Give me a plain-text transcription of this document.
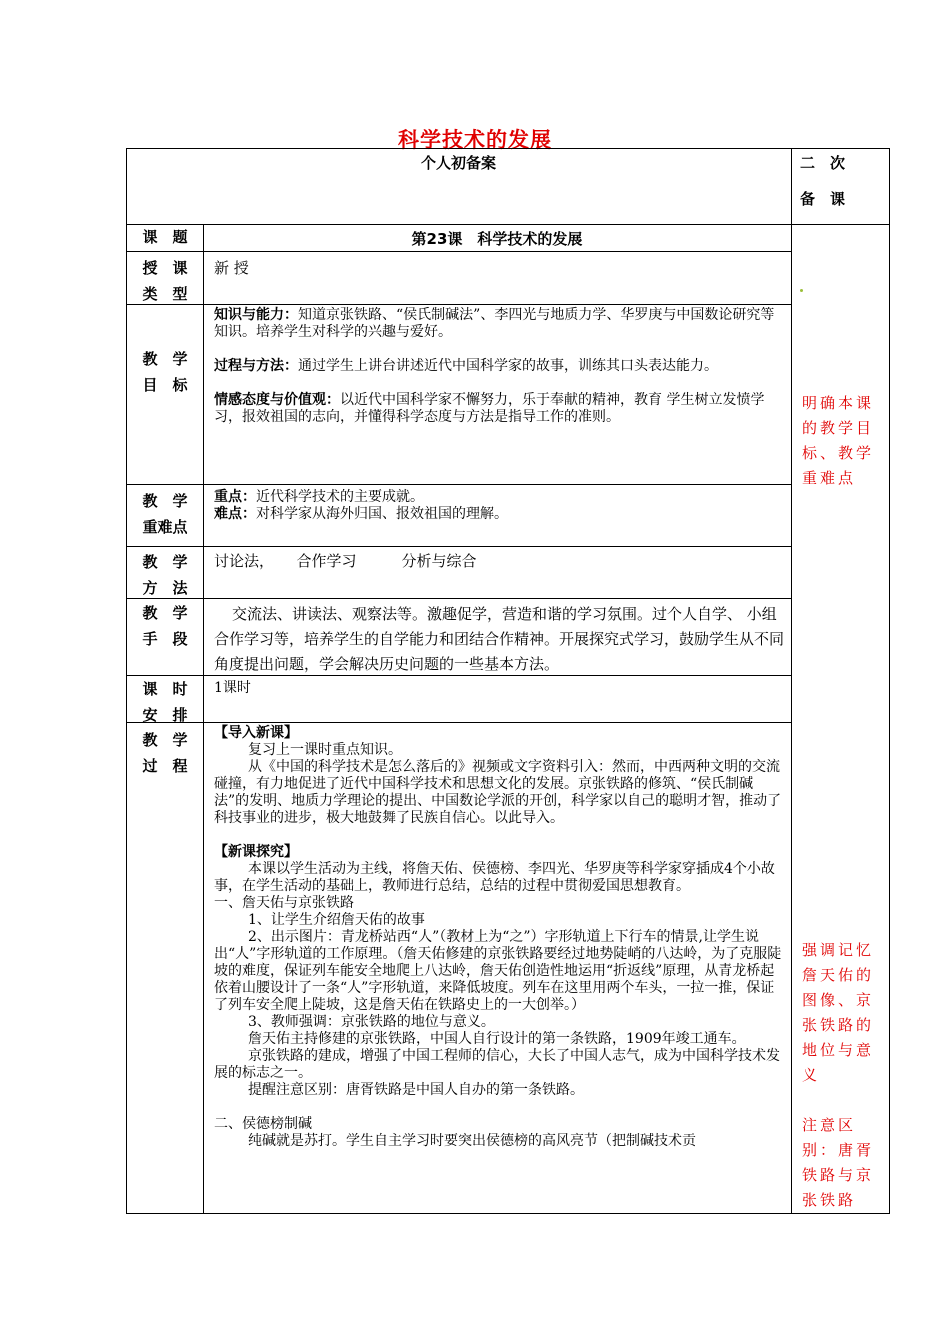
科学技术的发展
个人初备案	二　次
备　课
课　题	第23课　科学技术的发展
授　课
类　型
新 授
教　学
目　标

知识与能力：知道京张铁路、“侯氏制碱法”、李四光与地质力学、华罗庚与中国数论研究等知识。培养学生对科学的兴趣与爱好。

过程与方法：通过学生上讲台讲述近代中国科学家的故事，训练其口头表达能力。

情感态度与价值观：以近代中国科学家不懈努力，乐于奉献的精神，教育 学生树立发愤学习，报效祖国的志向，并懂得科学态度与方法是指导工作的准则。

教　学
重难点

重点：近代科学技术的主要成就。

难点：对科学家从海外归国、报效祖国的理解。

教　学
方　法
讨论法，　　合作学习　　　分析与综合
教　学
手　段
交流法、讲读法、观察法等。激趣促学，营造和谐的学习氛围。过个人自学、 小组合作学习等，培养学生的自学能力和团结合作精神。开展探究式学习，鼓励学生从不同角度提出问题，学会解决历史问题的一些基本方法。
课　时
安　排
1课时
教　学
过　程

【导入新课】

复习上一课时重点知识。

从《中国的科学技术是怎么落后的》视频或文字资料引入：然而，中西两种文明的交流碰撞，有力地促进了近代中国科学技术和思想文化的发展。京张铁路的修筑、“侯氏制碱法”的发明、地质力学理论的提出、中国数论学派的开创，科学家以自己的聪明才智，推动了科技事业的进步，极大地鼓舞了民族自信心。以此导入。

【新课探究】

本课以学生活动为主线，将詹天佑、侯德榜、李四光、华罗庚等科学家穿插成4个小故事，在学生活动的基础上，教师进行总结，总结的过程中贯彻爱国思想教育。

一、詹天佑与京张铁路

1、让学生介绍詹天佑的故事

2、出示图片：青龙桥站西“人”（教材上为“之”）字形轨道上下行车的情景,让学生说出“人”字形轨道的工作原理。（詹天佑修建的京张铁路要经过地势陡峭的八达岭，为了克服陡坡的难度，保证列车能安全地爬上八达岭，詹天佑创造性地运用“折返线”原理，从青龙桥起依着山腰设计了一条“人”字形轨道，来降低坡度。列车在这里用两个车头，一拉一推，保证了列车安全爬上陡坡，这是詹天佑在铁路史上的一大创举。）

3、教师强调：京张铁路的地位与意义。

詹天佑主持修建的京张铁路，中国人自行设计的第一条铁路，1909年竣工通车。

京张铁路的建成，增强了中国工程师的信心，大长了中国人志气，成为中国科学技术发展的标志之一。

提醒注意区别：唐胥铁路是中国人自办的第一条铁路。

二、侯德榜制碱

纯碱就是苏打。学生自主学习时要突出侯德榜的高风亮节（把制碱技术贡

明确本课的教学目标、教学重难点
强调记忆詹天佑的图像、京张铁路的地位与意义
注意区别：唐胥铁路与京张铁路
